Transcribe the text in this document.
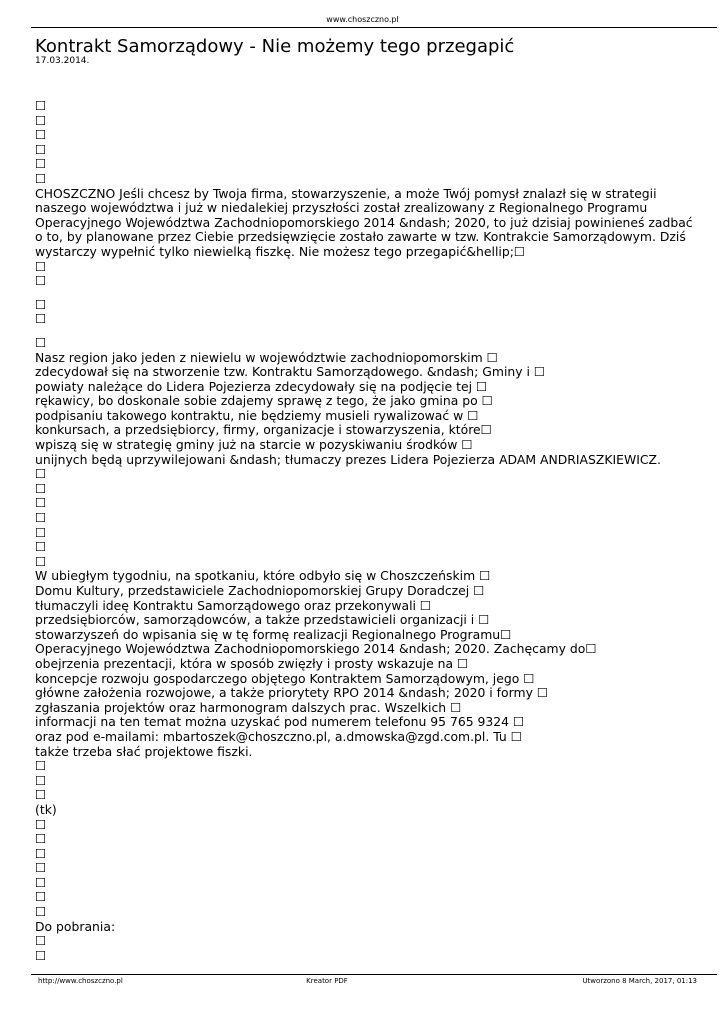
www.choszczno.pl
Kontrakt Samorządowy - Nie możemy tego przegapić
17.03.2014.
☐
☐
☐
☐
☐
☐
CHOSZCZNO Jeśli chcesz by Twoja firma, stowarzyszenie, a może Twój pomysł znalazł się w strategii
naszego województwa i już w niedalekiej przyszłości został zrealizowany z Regionalnego Programu
Operacyjnego Województwa Zachodniopomorskiego 2014 &ndash; 2020, to już dzisiaj powinieneś zadbać
o to, by planowane przez Ciebie przedsięwzięcie zostało zawarte w tzw. Kontrakcie Samorządowym. Dziś
wystarczy wypełnić tylko niewielką fiszkę. Nie możesz tego przegapić&hellip;☐
☐
☐
☐
☐
☐
Nasz region jako jeden z niewielu w województwie zachodniopomorskim ☐
zdecydował się na stworzenie tzw. Kontraktu Samorządowego. &ndash; Gminy i ☐
powiaty należące do Lidera Pojezierza zdecydowały się na podjęcie tej ☐
rękawicy, bo doskonale sobie zdajemy sprawę z tego, że jako gmina po ☐
podpisaniu takowego kontraktu, nie będziemy musieli rywalizować w ☐
konkursach, a przedsiębiorcy, firmy, organizacje i stowarzyszenia, które☐
wpiszą się w strategię gminy już na starcie w pozyskiwaniu środków ☐
unijnych będą uprzywilejowani &ndash; tłumaczy prezes Lidera Pojezierza ADAM ANDRIASZKIEWICZ.
☐
☐
☐
☐
☐
☐
☐
W ubiegłym tygodniu, na spotkaniu, które odbyło się w Choszczeńskim ☐
Domu Kultury, przedstawiciele Zachodniopomorskiej Grupy Doradczej ☐
tłumaczyli ideę Kontraktu Samorządowego oraz przekonywali ☐
przedsiębiorców, samorządowców, a także przedstawicieli organizacji i ☐
stowarzyszeń do wpisania się w tę formę realizacji Regionalnego Programu☐
Operacyjnego Województwa Zachodniopomorskiego 2014 &ndash; 2020. Zachęcamy do☐
obejrzenia prezentacji, która w sposób zwięzły i prosty wskazuje na ☐
koncepcje rozwoju gospodarczego objętego Kontraktem Samorządowym, jego ☐
główne założenia rozwojowe, a także priorytety RPO 2014 &ndash; 2020 i formy ☐
zgłaszania projektów oraz harmonogram dalszych prac. Wszelkich ☐
informacji na ten temat można uzyskać pod numerem telefonu 95 765 9324 ☐
oraz pod e-mailami: mbartoszek@choszczno.pl, a.dmowska@zgd.com.pl. Tu ☐
także trzeba słać projektowe fiszki.
☐
☐
☐
(tk)
☐
☐
☐
☐
☐
☐
☐
Do pobrania:
☐
☐
http://www.choszczno.pl	Kreator PDF	Utworzono 8 March, 2017, 01:13
